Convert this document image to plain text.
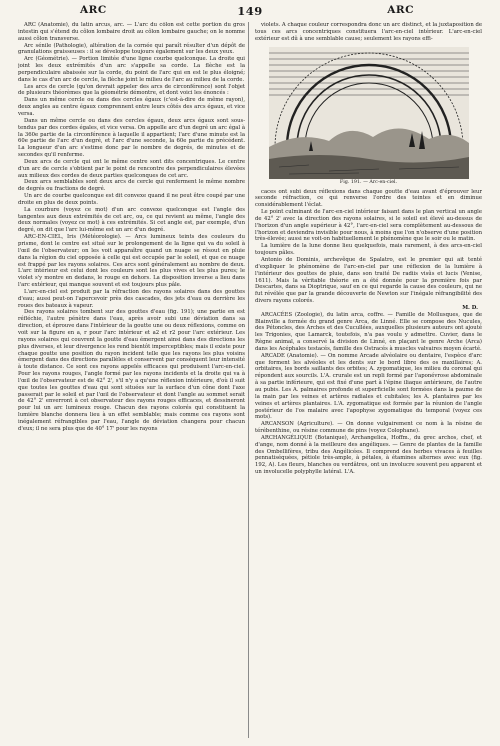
ARC	149	ARC

ARC (Anatomie), du latin arcus, arc. — L'arc du côlon est cette portion du gros intestin qui s'étend du côlon lombaire droit au côlon lombaire gauche; on le nomme aussi côlon transverse.

Arc sénile (Pathologie), altération de la cornée qui paraît résulter d'un dépôt de granulations graisseuses : il se développe toujours également sur les deux yeux.

Arc (Géométrie). — Portion limitée d'une ligne courbe quelconque. La droite qui joint les deux extrémités d'un arc s'appelle sa corde. La flèche est la perpendiculaire abaissée sur la corde, du point de l'arc qui en est le plus éloigné; dans le cas d'un arc de cercle, la flèche joint le milieu de l'arc au milieu de la corde.

Les arcs de cercle (qu'on devrait appeler des arcs de circonférence) sont l'objet de plusieurs théorèmes que la géométrie démontre, et dont voici les énoncés :

Dans un même cercle ou dans des cercles égaux (c'est-à-dire de même rayon), deux angles au centre égaux comprennent entre leurs côtés des arcs égaux, et vice versa.

Dans un même cercle ou dans des cercles égaux, deux arcs égaux sont sous-tendus par des cordes égales, et vice versa. On appelle arc d'un degré un arc égal à la 360e partie de la circonférence à laquelle il appartient; l'arc d'une minute est la 60e partie de l'arc d'un degré, et l'arc d'une seconde, la 60e partie du précédent. La longueur d'un arc s'estime donc par le nombre de degrés, de minutes et de secondes qu'il renferme.

Deux arcs de cercle qui ont le même centre sont dits concentriques. Le centre d'un arc de cercle s'obtient par le point de rencontre des perpendiculaires élevées aux milieux des cordes de deux parties quelconques de cet arc.

Deux arcs semblables sont deux arcs de cercle qui renferment le même nombre de degrés ou fractions de degré.

Un arc de courbe quelconque est dit convexe quand il ne peut être coupé par une droite en plus de deux points.

La courbure (voyez ce mot) d'un arc convexe quelconque est l'angle des tangentes aux deux extrémités de cet arc, ou, ce qui revient au même, l'angle des deux normales (voyez ce mot) à ces extrémités. Si cet angle est, par exemple, d'un degré, on dit que l'arc lui-même est un arc d'un degré.

ARC-EN-CIEL, Iris (Météorologie). — Arcs lumineux teints des couleurs du prisme, dont le centre est situé sur le prolongement de la ligne qui va du soleil à l'œil de l'observateur; on les voit apparaître quand un nuage se résout en pluie dans la région du ciel opposée à celle qui est occupée par le soleil, et que ce nuage est frappé par les rayons solaires. Ces arcs sont généralement au nombre de deux. L'arc intérieur est celui dont les couleurs sont les plus vives et les plus pures; le violet s'y montre en dedans, le rouge en dehors. La disposition inverse a lieu dans l'arc extérieur, qui manque souvent et est toujours plus pâle.

L'arc-en-ciel est produit par la réfraction des rayons solaires dans des gouttes d'eau; aussi peut-on l'apercevoir près des cascades, des jets d'eau ou derrière les roues des bateaux à vapeur.

Des rayons solaires tombent sur des gouttes d'eau (fig. 191); une partie en est réfléchie, l'autre pénètre dans l'eau, après avoir subi une déviation dans sa direction, et éprouve dans l'intérieur de la goutte une ou deux réflexions, comme on voit sur la figure en a, r pour l'arc intérieur et a2 et r2 pour l'arc extérieur. Les rayons solaires qui couvrent la goutte d'eau émergent ainsi dans des directions les plus diverses, et leur divergence les rend bientôt imperceptibles; mais il existe pour chaque goutte une position du rayon incident telle que les rayons les plus voisins émergent dans des directions parallèles et conservent par conséquent leur intensité à toute distance. Ce sont ces rayons appelés efficaces qui produisent l'arc-en-ciel. Pour les rayons rouges, l'angle formé par les rayons incidents et la droite qui va à l'œil de l'observateur est de 42° 2', s'il n'y a qu'une réflexion intérieure, d'où il suit que toutes les gouttes d'eau qui sont situées sur la surface d'un cône dont l'axe passerait par le soleil et par l'œil de l'observateur et dont l'angle au sommet serait de 42° 2' enverront à cet observateur des rayons rouges efficaces, et dessineront pour lui un arc lumineux rouge. Chacun des rayons colorés qui constituent la lumière blanche donnera lieu à un effet semblable; mais comme ces rayons sont inégalement réfrangibles par l'eau, l'angle de déviation changera pour chacun d'eux; il ne sera plus que de 40° 17' pour les rayons

violets. A chaque couleur correspondra donc un arc distinct, et la juxtaposition de tous ces arcs concentriques constituera l'arc-en-ciel intérieur. L'arc-en-ciel extérieur est dû à une semblable cause; seulement les rayons effi-

Fig. 191. — Arc-en-ciel.

caces ont subi deux réflexions dans chaque goutte d'eau avant d'éprouver leur seconde réfraction, ce qui renverse l'ordre des teintes et en diminue considérablement l'éclat.

Le point culminant de l'arc-en-ciel intérieur faisant dans le plan vertical un angle de 42° 2' avec la direction des rayons solaires, si le soleil est élevé au-dessus de l'horizon d'un angle supérieur à 42°, l'arc-en-ciel sera complètement au-dessous de l'horizon et deviendra invisible pour nous, à moins que l'on n'observe d'une position très-élevée; aussi ne voit-on habituellement le phénomène que le soir ou le matin.

La lumière de la lune donne lieu quelquefois, mais rarement, à des arcs-en-ciel toujours pâles.

Antonio de Dominis, archevêque de Spalatro, est le premier qui ait tenté d'expliquer le phénomène de l'arc-en-ciel par une réflexion de la lumière à l'intérieur des gouttes de pluie, dans son traité De radiis visûs et lucis (Venise, 1611). Mais la véritable théorie en a été donnée pour la première fois par Descartes, dans sa Dioptrique, sauf en ce qui regarde la cause des couleurs, qui ne fut révélée que par la grande découverte de Newton sur l'inégale réfrangibilité des divers rayons colorés.

M. D.

ARCACÉES (Zoologie), du latin arca, coffre. — Famille de Mollusques, que de Blainville a formée du grand genre Arca, de Linné. Elle se compose des Nucules, des Pétoncles, des Arches et des Cucullées, auxquelles plusieurs auteurs ont ajouté les Trigonies, que Lamarck, toutefois, n'a pas voulu y admettre. Cuvier, dans le Règne animal, a conservé la division de Linné, en plaçant le genre Arche (Arca) dans les Acéphales testacés, famille des Ostracés à muscles valvaires moyen écarté.

ARCADE (Anatomie). — On nomme Arcade alvéolaire ou dentaire, l'espèce d'arc que forment les alvéoles et les dents sur le bord libre des os maxillaires; A. orbitaires, les bords saillants des orbites; A. zygomatique, les milieu du coronal qui répondent aux sourcils. L'A. crurale est un repli formé par l'aponévrose abdominale à sa partie inférieure, qui est fixé d'une part à l'épine iliaque antérieure, de l'autre au pubis. Les A. palmaires profonde et superficielle sont formées dans la paume de la main par les veines et artères radiales et cubitales; les A. plantaires par les veines et artères plantaires. L'A. zygomatique est formée par la réunion de l'angle postérieur de l'os malaire avec l'apophyse zygomatique du temporal (voyez ces mots).

ARCANSON (Agriculture). — On donne vulgairement ce nom à la résine de térébenthine, ou résine commune de pins (voyez Colophane).

ARCHANGÉLIQUE (Botanique), Archangelica, Hoffm., du grec archos, chef, et d'ange, nom donné à la meilleure des angéliques. — Genre de plantes de la famille des Ombellifères, tribu des Angélicées. Il comprend des herbes vivaces à feuilles pennatiséquées, pétiole très-ample, à pétales, à étamines alternes avec eux (fig. 192, A). Les fleurs, blanches ou verdâtres, ont un involucre souvent peu apparent et un involucelle polyphylle latéral. L'A.
